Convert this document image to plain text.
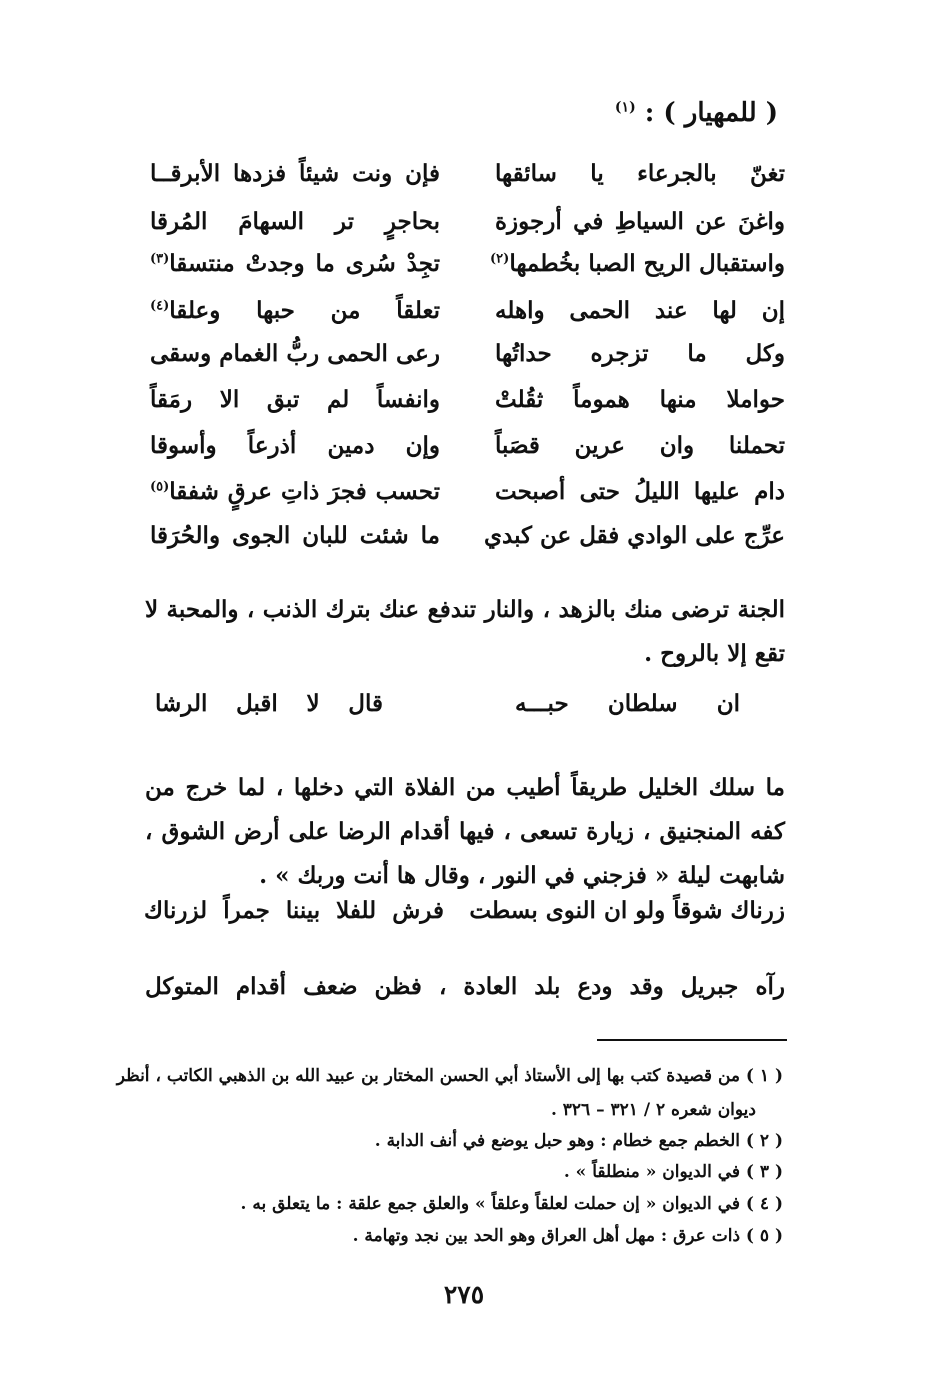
( للمهيار ) : $^{(١)}$
تغنّ بالجرعاء يا سائقها
فإن ونت شيئاً فزدها الأبرقــا
واغنَ عن السياطِ في أرجوزة
بحاجرٍ تر السهامَ المُرقا
واستقبال الريح الصبا بخُطمها$^{(٢)}$
تجِدْ سُرى ما وجدتْ منتسقا$^{(٣)}$
إن لها عند الحمى واهله
تعلقاً من حبها وعلقا$^{(٤)}$
وكل ما تزجره حداتُها
رعى الحمى ربُّ الغمام وسقى
حواملا منها هموماً ثقُلتْ
وانفساً لم تبق الا رمَقاً
تحملنا وان عرين قصَباً
وإن دمين أذرعاً وأسوقا
دام عليها الليلُ حتى أصبحت
تحسب فجرَ ذاتِ عرقٍ شفقا$^{(٥)}$
عرِّج على الوادي فقل عن كبدي
ما شئت للبان الجوى والحُرَقا
الجنة ترضى منك بالزهد ، والنار تندفع عنك بترك الذنب ، والمحبة لا تقع إلا بالروح .
ان سلطان حبـــه
قال لا اقبل الرشا
ما سلك الخليل طريقاً أطيب من الفلاة التي دخلها ، لما خرج من كفه المنجنيق ، زيارة تسعى ، فيها أقدام الرضا على أرض الشوق ، شابهت ليلة « فزجني في النور ، وقال ها أنت وربك » .
زرناك شوقاً ولو ان النوى بسطت
فرش للفلا بيننا جمراً لزرناك
رآه جبريل وقد ودع بلد العادة ، فظن ضعف أقدام المتوكل
( ١ ) من قصيدة كتب بها إلى الأستاذ أبي الحسن المختار بن عبيد الله بن الذهبي الكاتب ، أنظر
ديوان شعره ٢ / ٣٢١ – ٣٢٦ .
( ٢ ) الخطم جمع خطام : وهو حبل يوضع في أنف الدابة .
( ٣ ) في الديوان « منطلقاً » .
( ٤ ) في الديوان « إن حملت لعلقاً وعلقاً » والعلق جمع علقة : ما يتعلق به .
( ٥ ) ذات عرق : مهل أهل العراق وهو الحد بين نجد وتهامة .
٢٧٥
